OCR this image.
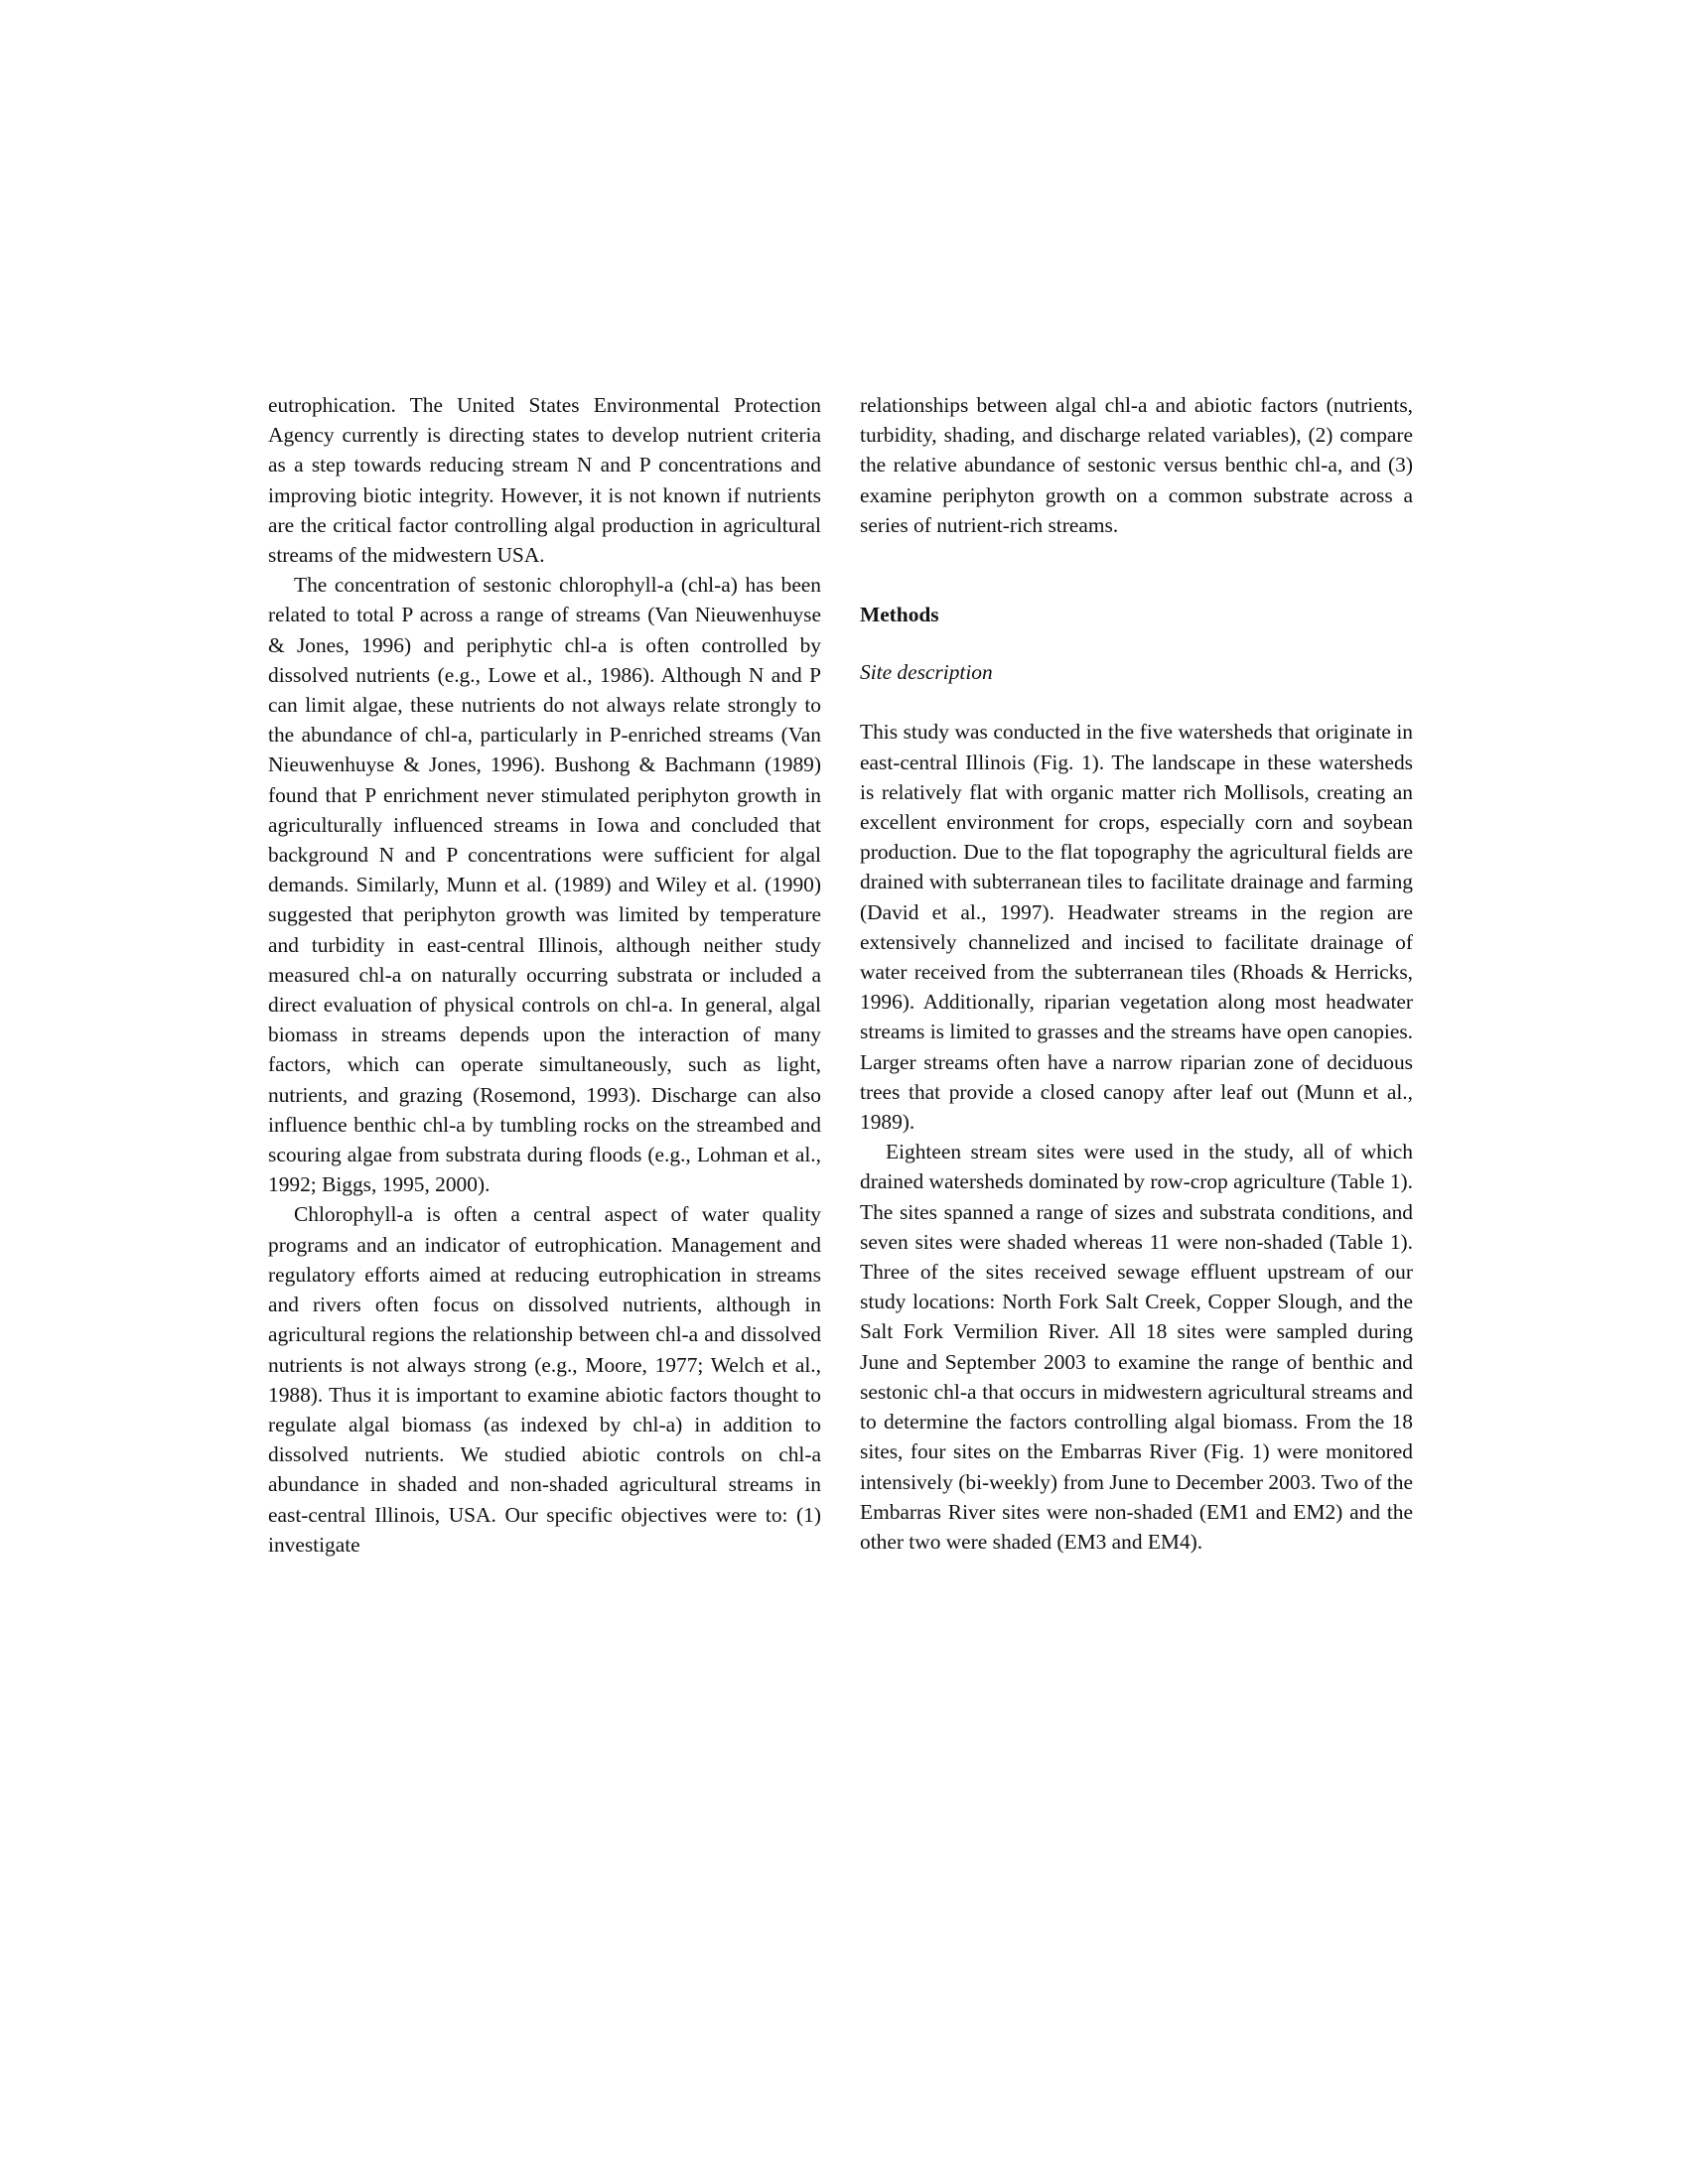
eutrophication. The United States Environmental Protection Agency currently is directing states to develop nutrient criteria as a step towards reducing stream N and P concentrations and improving biotic integrity. However, it is not known if nutrients are the critical factor controlling algal production in agricultural streams of the midwestern USA.

The concentration of sestonic chlorophyll-a (chl-a) has been related to total P across a range of streams (Van Nieuwenhuyse & Jones, 1996) and periphytic chl-a is often controlled by dissolved nutrients (e.g., Lowe et al., 1986). Although N and P can limit algae, these nutrients do not always relate strongly to the abundance of chl-a, particularly in P-enriched streams (Van Nieuwenhuyse & Jones, 1996). Bushong & Bachmann (1989) found that P enrichment never stimulated periphyton growth in agriculturally influenced streams in Iowa and concluded that background N and P concentrations were sufficient for algal demands. Similarly, Munn et al. (1989) and Wiley et al. (1990) suggested that periphyton growth was limited by temperature and turbidity in east-central Illinois, although neither study measured chl-a on naturally occurring substrata or included a direct evaluation of physical controls on chl-a. In general, algal biomass in streams depends upon the interaction of many factors, which can operate simultaneously, such as light, nutrients, and grazing (Rosemond, 1993). Discharge can also influence benthic chl-a by tumbling rocks on the streambed and scouring algae from substrata during floods (e.g., Lohman et al., 1992; Biggs, 1995, 2000).

Chlorophyll-a is often a central aspect of water quality programs and an indicator of eutrophication. Management and regulatory efforts aimed at reducing eutrophication in streams and rivers often focus on dissolved nutrients, although in agricultural regions the relationship between chl-a and dissolved nutrients is not always strong (e.g., Moore, 1977; Welch et al., 1988). Thus it is important to examine abiotic factors thought to regulate algal biomass (as indexed by chl-a) in addition to dissolved nutrients. We studied abiotic controls on chl-a abundance in shaded and non-shaded agricultural streams in east-central Illinois, USA. Our specific objectives were to: (1) investigate

relationships between algal chl-a and abiotic factors (nutrients, turbidity, shading, and discharge related variables), (2) compare the relative abundance of sestonic versus benthic chl-a, and (3) examine periphyton growth on a common substrate across a series of nutrient-rich streams.

Methods

Site description

This study was conducted in the five watersheds that originate in east-central Illinois (Fig. 1). The landscape in these watersheds is relatively flat with organic matter rich Mollisols, creating an excellent environment for crops, especially corn and soybean production. Due to the flat topography the agricultural fields are drained with subterranean tiles to facilitate drainage and farming (David et al., 1997). Headwater streams in the region are extensively channelized and incised to facilitate drainage of water received from the subterranean tiles (Rhoads & Herricks, 1996). Additionally, riparian vegetation along most headwater streams is limited to grasses and the streams have open canopies. Larger streams often have a narrow riparian zone of deciduous trees that provide a closed canopy after leaf out (Munn et al., 1989).

Eighteen stream sites were used in the study, all of which drained watersheds dominated by row-crop agriculture (Table 1). The sites spanned a range of sizes and substrata conditions, and seven sites were shaded whereas 11 were non-shaded (Table 1). Three of the sites received sewage effluent upstream of our study locations: North Fork Salt Creek, Copper Slough, and the Salt Fork Vermilion River. All 18 sites were sampled during June and September 2003 to examine the range of benthic and sestonic chl-a that occurs in midwestern agricultural streams and to determine the factors controlling algal biomass. From the 18 sites, four sites on the Embarras River (Fig. 1) were monitored intensively (bi-weekly) from June to December 2003. Two of the Embarras River sites were non-shaded (EM1 and EM2) and the other two were shaded (EM3 and EM4).
